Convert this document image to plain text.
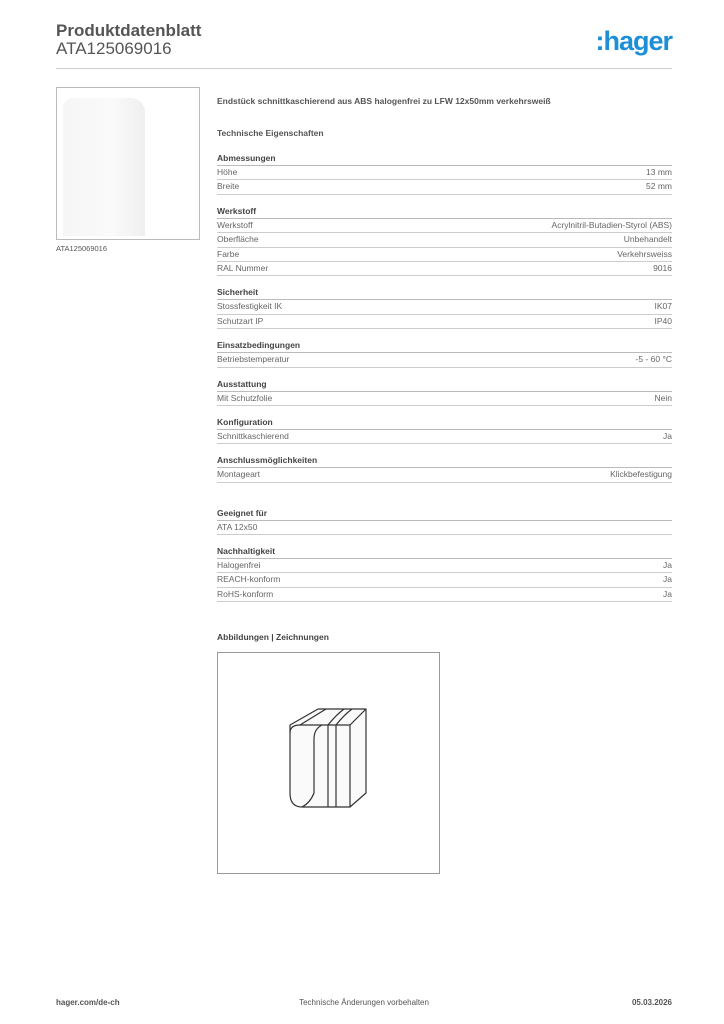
Produktdatenblatt
ATA125069016	:hager
ATA125069016
Endstück schnittkaschierend aus ABS halogenfrei zu LFW 12x50mm verkehrsweiß
Technische Eigenschaften
Abmessungen
Höhe	13 mm
Breite	52 mm
Werkstoff
Werkstoff	Acrylnitril-Butadien-Styrol (ABS)
Oberfläche	Unbehandelt
Farbe	Verkehrsweiss
RAL Nummer	9016
Sicherheit
Stossfestigkeit IK	IK07
Schutzart IP	IP40
Einsatzbedingungen
Betriebstemperatur	-5 - 60 °C
Ausstattung
Mit Schutzfolie	Nein
Konfiguration
Schnittkaschierend	Ja
Anschlussmöglichkeiten
Montageart	Klickbefestigung
Geeignet für
ATA 12x50
Nachhaltigkeit
Halogenfrei	Ja
REACH-konform	Ja
RoHS-konform	Ja
Abbildungen | Zeichnungen
hager.com/de-ch	Technische Änderungen vorbehalten	05.03.2026
